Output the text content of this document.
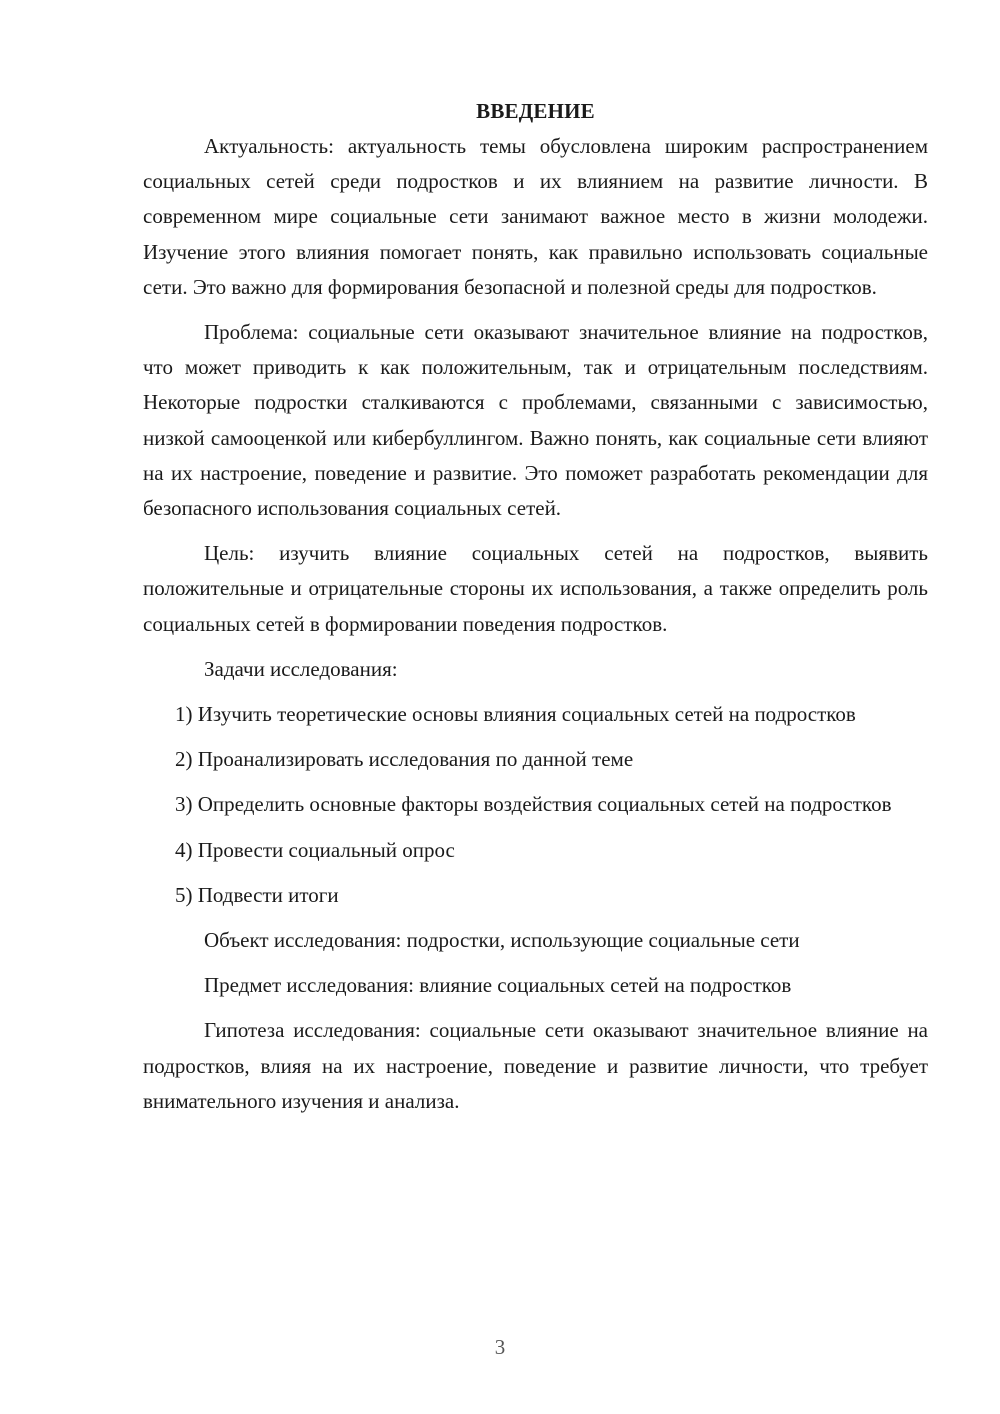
ВВЕДЕНИЕ

Актуальность: актуальность темы обусловлена широким распространением социальных сетей среди подростков и их влиянием на развитие личности. В современном мире социальные сети занимают важное место в жизни молодежи. Изучение этого влияния помогает понять, как правильно использовать социальные сети. Это важно для формирования безопасной и полезной среды для подростков.

Проблема: социальные сети оказывают значительное влияние на подростков, что может приводить к как положительным, так и отрицательным последствиям. Некоторые подростки сталкиваются с проблемами, связанными с зависимостью, низкой самооценкой или кибербуллингом. Важно понять, как социальные сети влияют на их настроение, поведение и развитие. Это поможет разработать рекомендации для безопасного использования социальных сетей.

Цель: изучить влияние социальных сетей на подростков, выявить положительные и отрицательные стороны их использования, а также определить роль социальных сетей в формировании поведения подростков.

Задачи исследования:

1) Изучить теоретические основы влияния социальных сетей на подростков

2) Проанализировать исследования по данной теме

3) Определить основные факторы воздействия социальных сетей на подростков

4) Провести социальный опрос

5) Подвести итоги

Объект исследования: подростки, использующие социальные сети

Предмет исследования: влияние социальных сетей на подростков

Гипотеза исследования: социальные сети оказывают значительное влияние на подростков, влияя на их настроение, поведение и развитие личности, что требует внимательного изучения и анализа.

3
